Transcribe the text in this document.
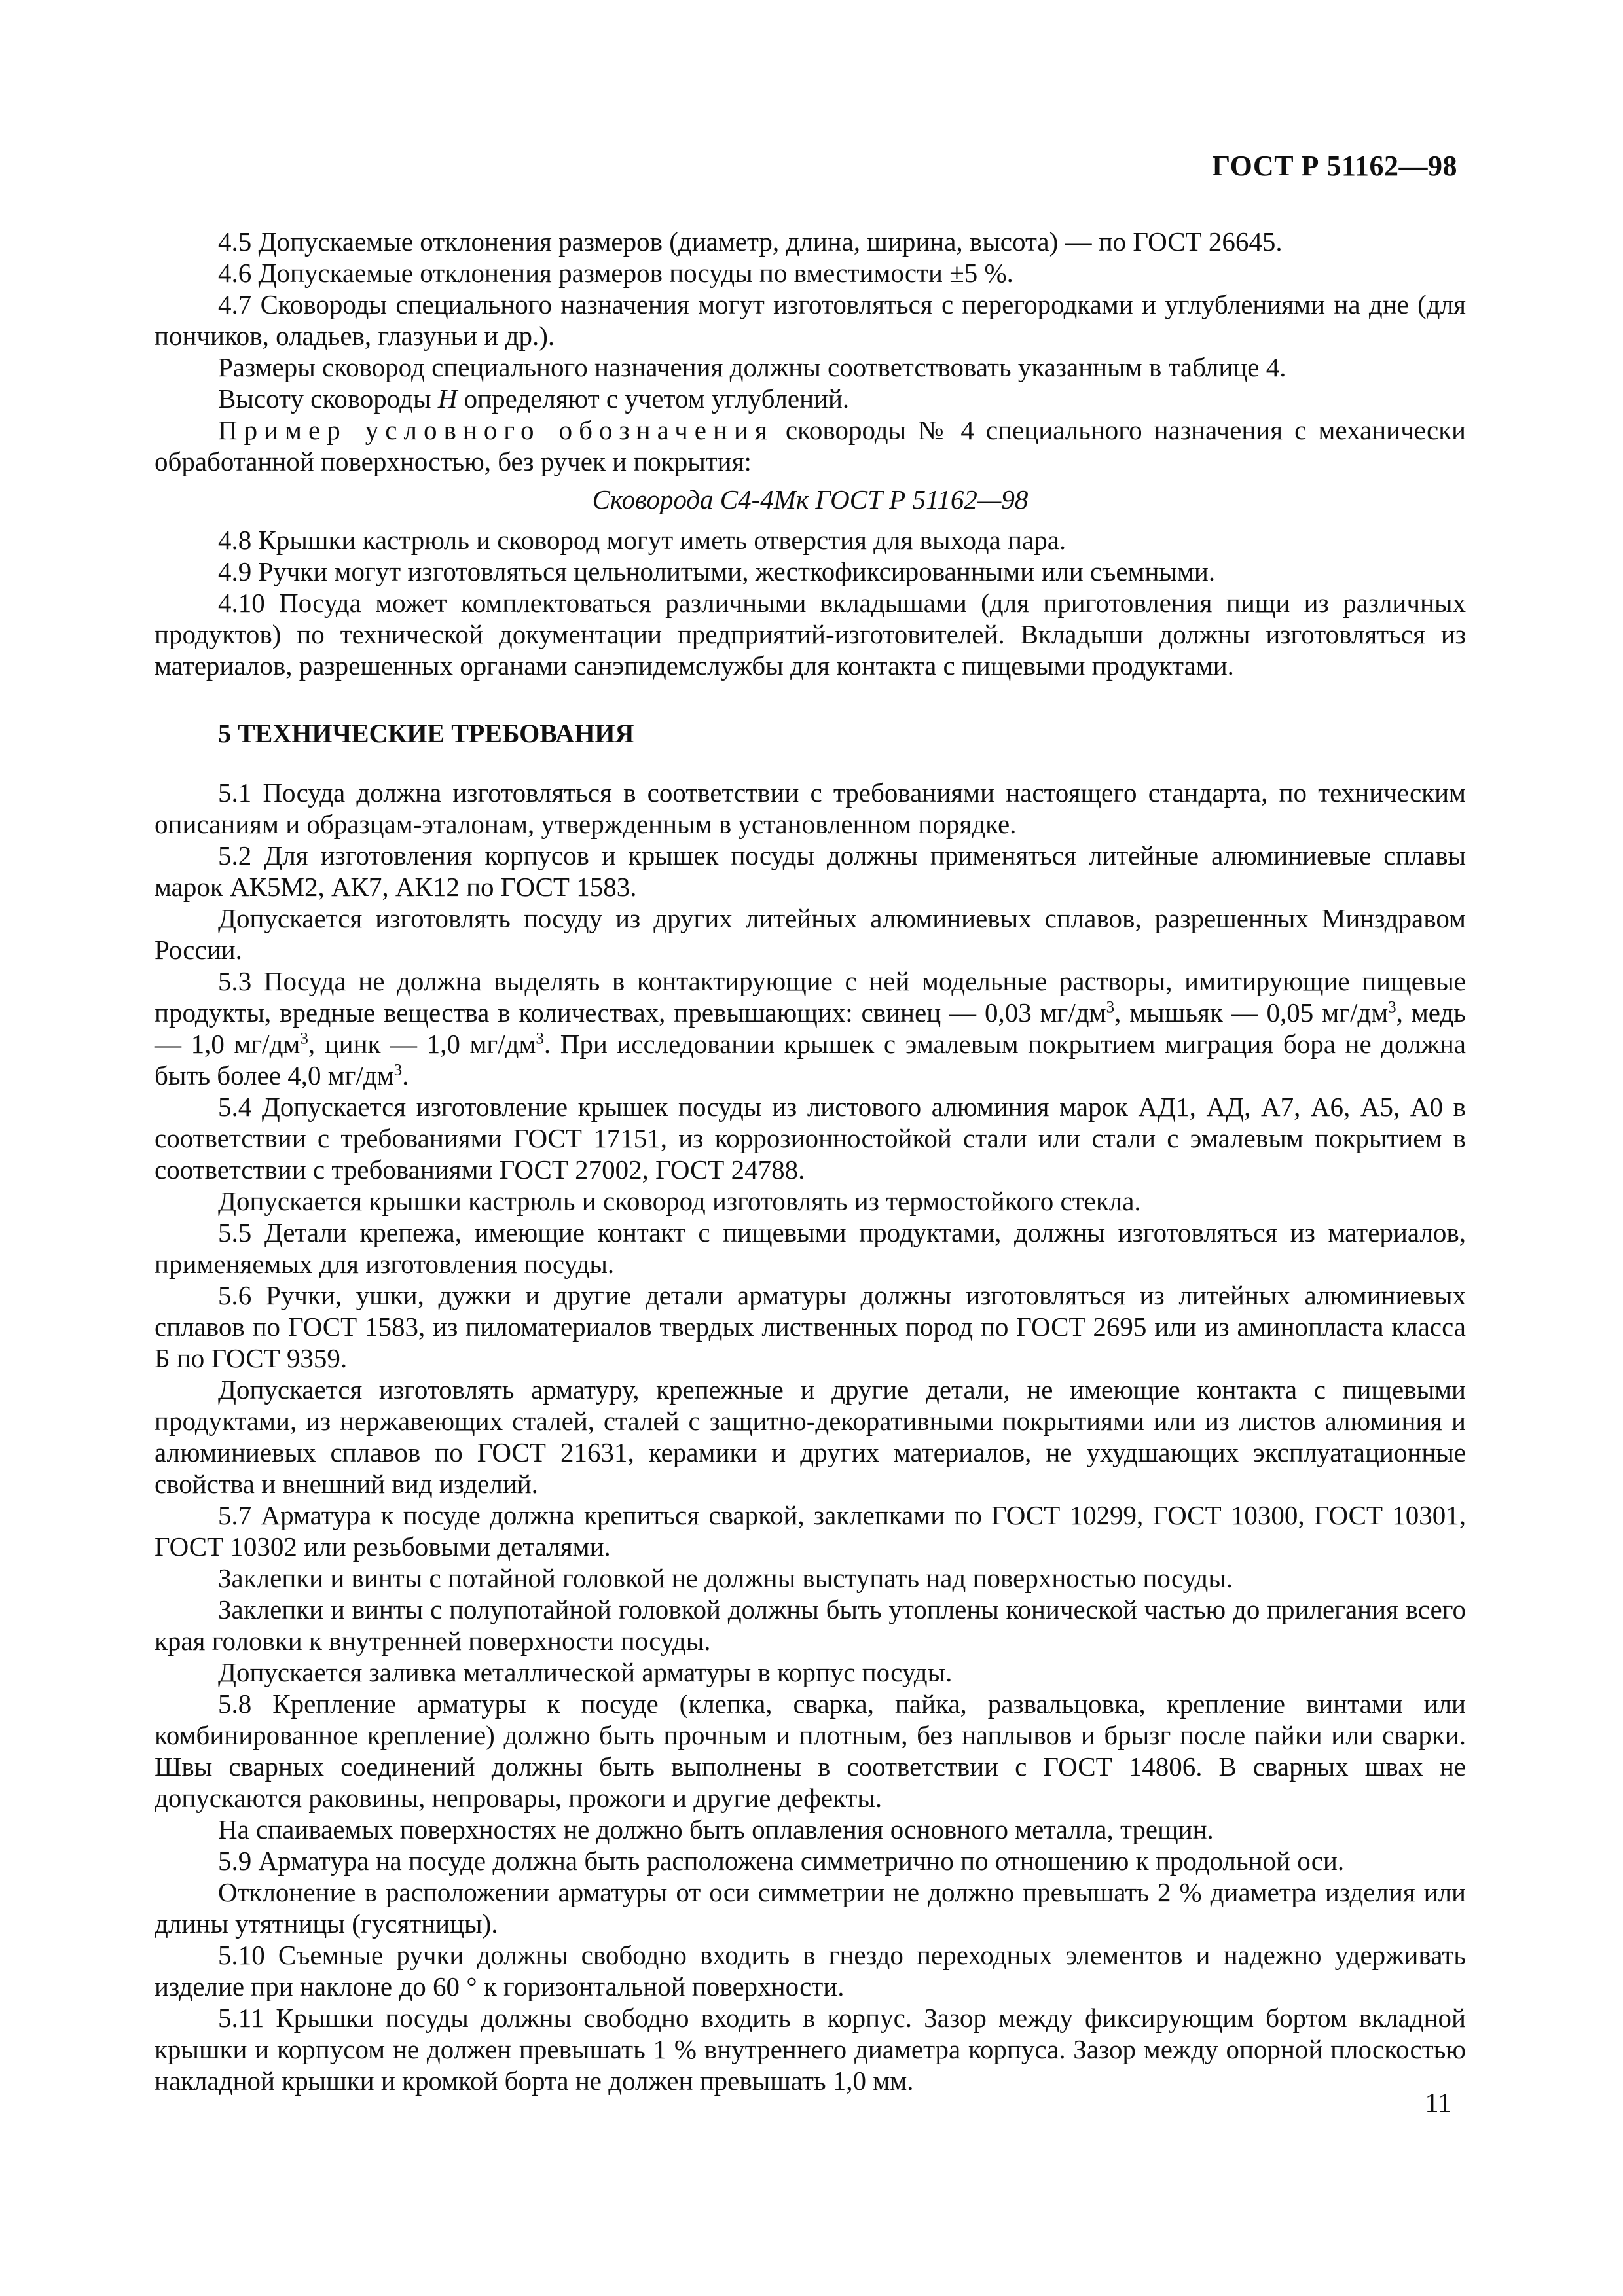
ГОСТ Р 51162—98

4.5 Допускаемые отклонения размеров (диаметр, длина, ширина, высота) — по ГОСТ 26645.

4.6 Допускаемые отклонения размеров посуды по вместимости ±5 %.

4.7 Сковороды специального назначения могут изготовляться с перегородками и углублениями на дне (для пончиков, оладьев, глазуньи и др.).

Размеры сковород специального назначения должны соответствовать указанным в таблице 4.

Высоту сковороды Н определяют с учетом углублений.

Пример условного обозначения сковороды № 4 специального назначения с механически обработанной поверхностью, без ручек и покрытия:

Сковорода С4-4Мк ГОСТ Р 51162—98

4.8 Крышки кастрюль и сковород могут иметь отверстия для выхода пара.

4.9 Ручки могут изготовляться цельнолитыми, жесткофиксированными или съемными.

4.10 Посуда может комплектоваться различными вкладышами (для приготовления пищи из различных продуктов) по технической документации предприятий-изготовителей. Вкладыши должны изготовляться из материалов, разрешенных органами санэпидемслужбы для контакта с пищевыми продуктами.

5 ТЕХНИЧЕСКИЕ ТРЕБОВАНИЯ

5.1 Посуда должна изготовляться в соответствии с требованиями настоящего стандарта, по техническим описаниям и образцам-эталонам, утвержденным в установленном порядке.

5.2 Для изготовления корпусов и крышек посуды должны применяться литейные алюминиевые сплавы марок АК5М2, АК7, АК12 по ГОСТ 1583.

Допускается изготовлять посуду из других литейных алюминиевых сплавов, разрешенных Минздравом России.

5.3 Посуда не должна выделять в контактирующие с ней модельные растворы, имитирующие пищевые продукты, вредные вещества в количествах, превышающих: свинец — 0,03 $мг/дм^3$, мышьяк — 0,05 $мг/дм^3$, медь — 1,0 $мг/дм^3$, цинк — 1,0 $мг/дм^3$. При исследовании крышек с эмалевым покрытием миграция бора не должна быть более 4,0 $мг/дм^3$.

5.4 Допускается изготовление крышек посуды из листового алюминия марок АД1, АД, А7, А6, А5, А0 в соответствии с требованиями ГОСТ 17151, из коррозионностойкой стали или стали с эмалевым покрытием в соответствии с требованиями ГОСТ 27002, ГОСТ 24788.

Допускается крышки кастрюль и сковород изготовлять из термостойкого стекла.

5.5 Детали крепежа, имеющие контакт с пищевыми продуктами, должны изготовляться из материалов, применяемых для изготовления посуды.

5.6 Ручки, ушки, дужки и другие детали арматуры должны изготовляться из литейных алюминиевых сплавов по ГОСТ 1583, из пиломатериалов твердых лиственных пород по ГОСТ 2695 или из аминопласта класса Б по ГОСТ 9359.

Допускается изготовлять арматуру, крепежные и другие детали, не имеющие контакта с пищевыми продуктами, из нержавеющих сталей, сталей с защитно-декоративными покрытиями или из листов алюминия и алюминиевых сплавов по ГОСТ 21631, керамики и других материалов, не ухудшающих эксплуатационные свойства и внешний вид изделий.

5.7 Арматура к посуде должна крепиться сваркой, заклепками по ГОСТ 10299, ГОСТ 10300, ГОСТ 10301, ГОСТ 10302 или резьбовыми деталями.

Заклепки и винты с потайной головкой не должны выступать над поверхностью посуды.

Заклепки и винты с полупотайной головкой должны быть утоплены конической частью до прилегания всего края головки к внутренней поверхности посуды.

Допускается заливка металлической арматуры в корпус посуды.

5.8 Крепление арматуры к посуде (клепка, сварка, пайка, развальцовка, крепление винтами или комбинированное крепление) должно быть прочным и плотным, без наплывов и брызг после пайки или сварки. Швы сварных соединений должны быть выполнены в соответствии с ГОСТ 14806. В сварных швах не допускаются раковины, непровары, прожоги и другие дефекты.

На спаиваемых поверхностях не должно быть оплавления основного металла, трещин.

5.9 Арматура на посуде должна быть расположена симметрично по отношению к продольной оси.

Отклонение в расположении арматуры от оси симметрии не должно превышать 2 % диаметра изделия или длины утятницы (гусятницы).

5.10 Съемные ручки должны свободно входить в гнездо переходных элементов и надежно удерживать изделие при наклоне до 60 ° к горизонтальной поверхности.

5.11 Крышки посуды должны свободно входить в корпус. Зазор между фиксирующим бортом вкладной крышки и корпусом не должен превышать 1 % внутреннего диаметра корпуса. Зазор между опорной плоскостью накладной крышки и кромкой борта не должен превышать 1,0 мм.

11
